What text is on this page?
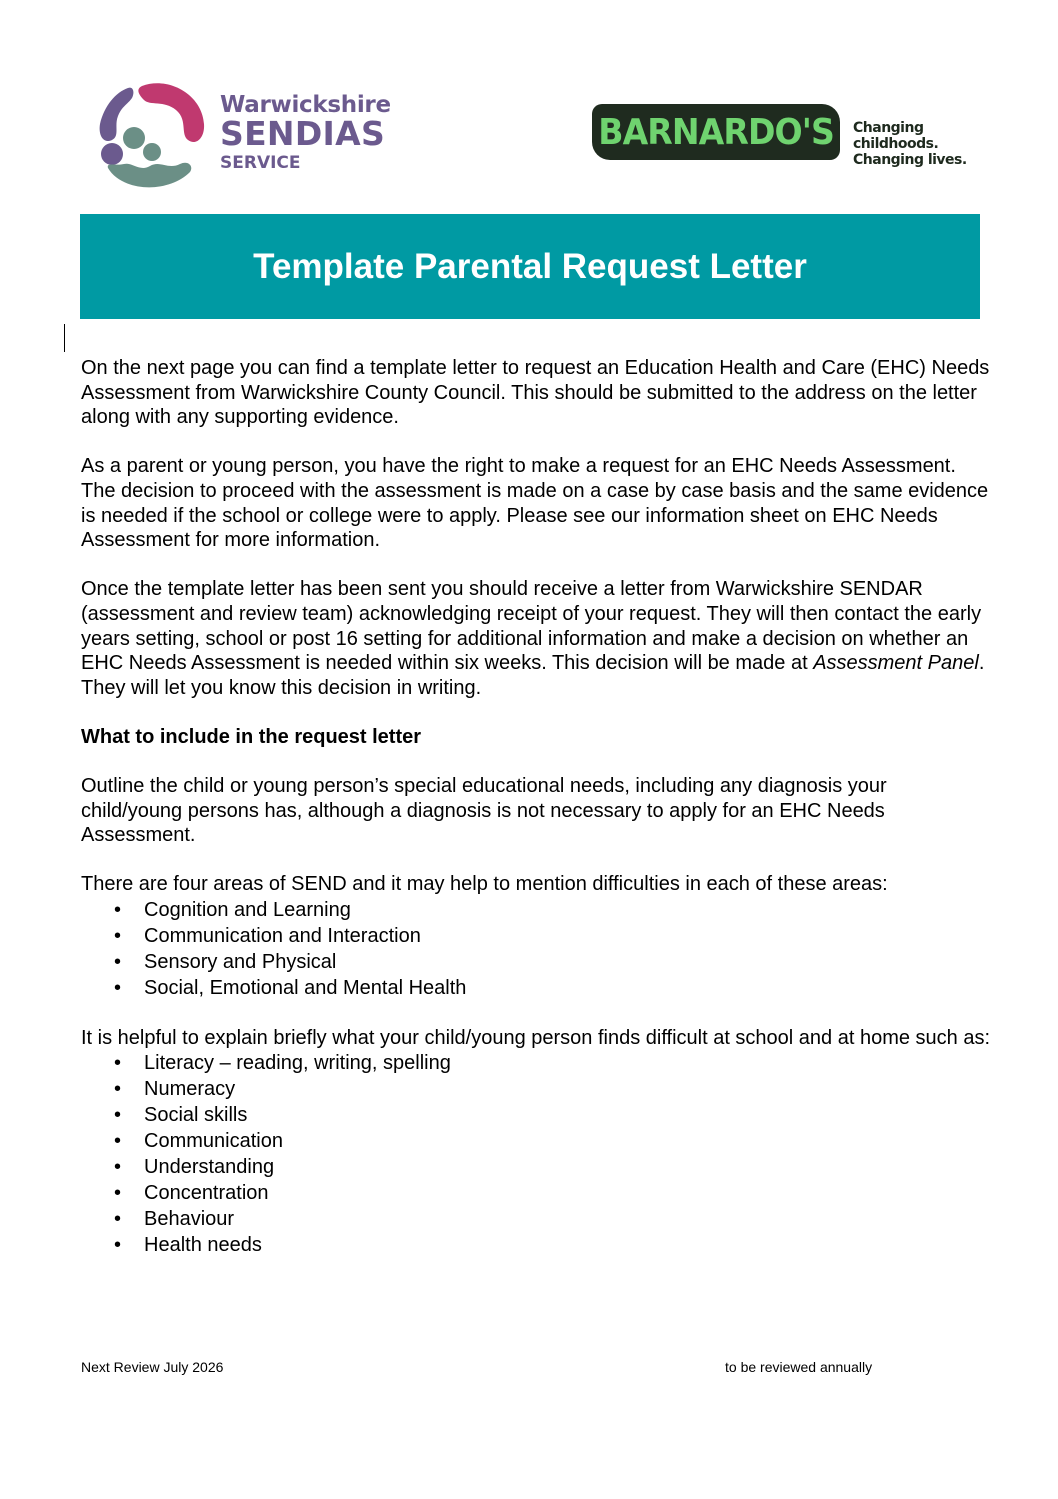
Warwickshire
SENDIAS
SERVICE
BARNARDO'S Changing childhoods.
Changing lives.
Template Parental Request Letter

On the next page you can find a template letter to request an Education Health and Care (EHC) Needs Assessment from Warwickshire County Council. This should be submitted to the address on the letter along with any supporting evidence.

As a parent or young person, you have the right to make a request for an EHC Needs Assessment. The decision to proceed with the assessment is made on a case by case basis and the same evidence is needed if the school or college were to apply. Please see our information sheet on EHC Needs Assessment for more information.

Once the template letter has been sent you should receive a letter from Warwickshire SENDAR (assessment and review team) acknowledging receipt of your request. They will then contact the early years setting, school or post 16 setting for additional information and make a decision on whether an EHC Needs Assessment is needed within six weeks. This decision will be made at Assessment Panel. They will let you know this decision in writing.

What to include in the request letter

Outline the child or young person’s special educational needs, including any diagnosis your child/young persons has, although a diagnosis is not necessary to apply for an EHC Needs Assessment.

There are four areas of SEND and it may help to mention difficulties in each of these areas:

• Cognition and Learning
• Communication and Interaction
• Sensory and Physical
• Social, Emotional and Mental Health

It is helpful to explain briefly what your child/young person finds difficult at school and at home such as:

• Literacy – reading, writing, spelling
• Numeracy
• Social skills
• Communication
• Understanding
• Concentration
• Behaviour
• Health needs
Next Review July 2026	to be reviewed annually
